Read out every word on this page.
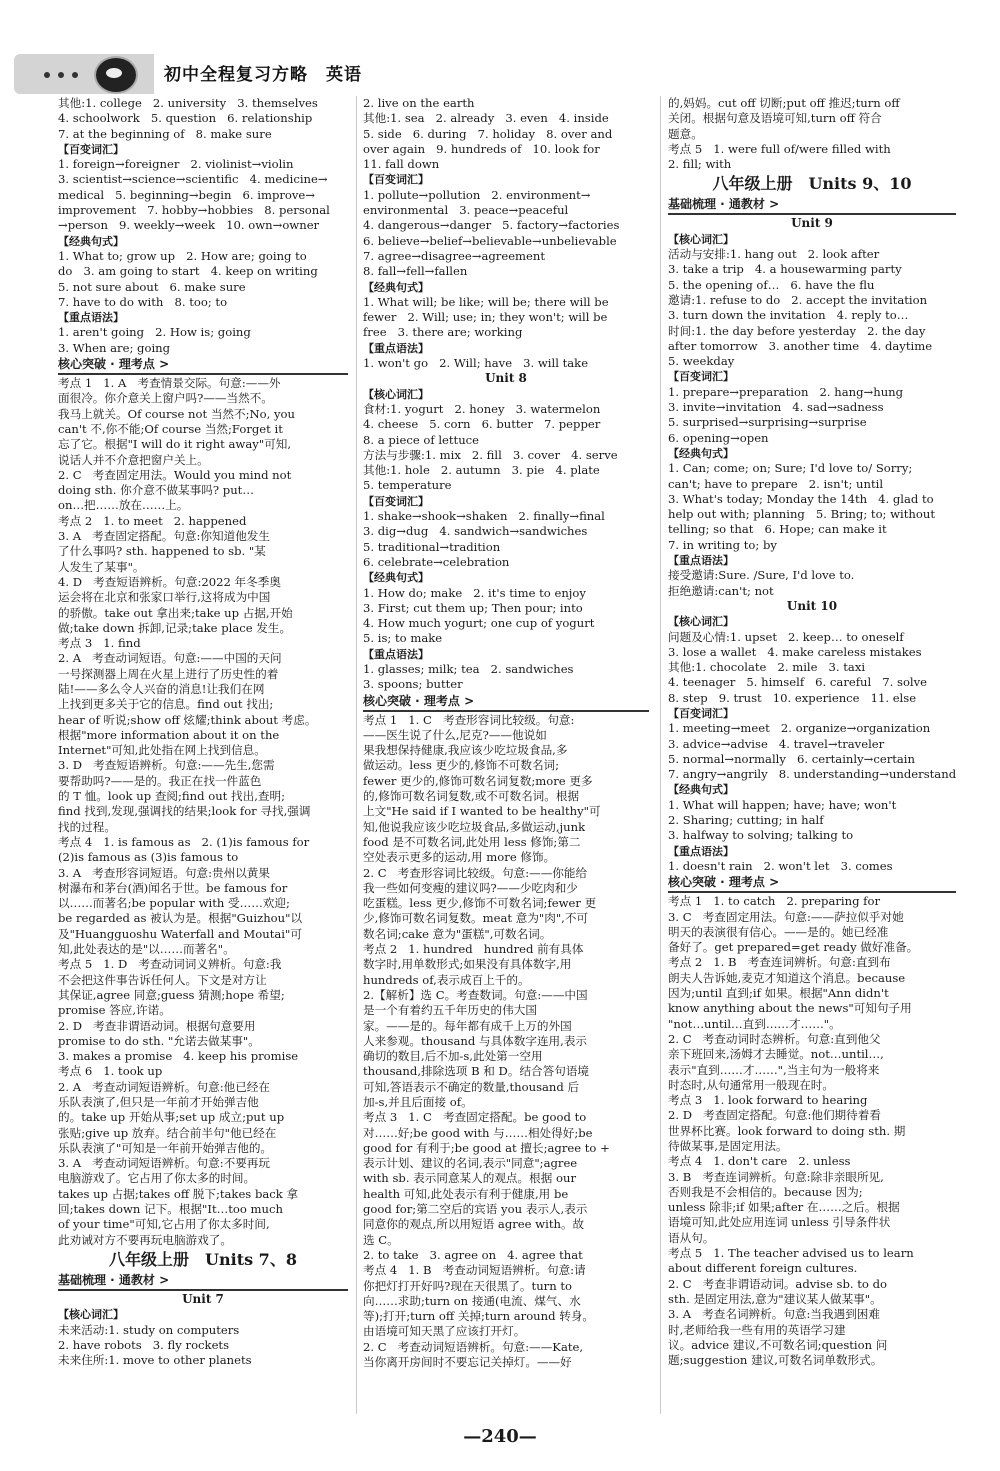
初中全程复习方略　英语
其他:1. college   2. university   3. themselves
4. schoolwork   5. question   6. relationship
7. at the beginning of   8. make sure
【百变词汇】
1. foreign→foreigner   2. violinist→violin
3. scientist→science→scientific   4. medicine→
medical   5. beginning→begin   6. improve→
improvement   7. hobby→hobbies   8. personal
→person   9. weekly→week   10. own→owner
【经典句式】
1. What to; grow up   2. How are; going to
do   3. am going to start   4. keep on writing
5. not sure about   6. make sure
7. have to do with   8. too; to
【重点语法】
1. aren't going   2. How is; going
3. When are; going
核心突破 · 理考点 >
考点 1   1. A   考查情景交际。句意:——外
面很冷。你介意关上窗户吗?——当然不。
我马上就关。Of course not 当然不;No, you
can't 不,你不能;Of course 当然;Forget it
忘了它。根据"I will do it right away"可知,
说话人并不介意把窗户关上。
2. C   考查固定用法。Would you mind not
doing sth. 你介意不做某事吗? put…
on…把……放在……上。
考点 2   1. to meet   2. happened
3. A   考查固定搭配。句意:你知道他发生
了什么事吗? sth. happened to sb. "某
人发生了某事"。
4. D   考查短语辨析。句意:2022 年冬季奥
运会将在北京和张家口举行,这将成为中国
的骄傲。take out 拿出来;take up 占据,开始
做;take down 拆卸,记录;take place 发生。
考点 3   1. find
2. A   考查动词短语。句意:——中国的天问
一号探测器上周在火星上进行了历史性的着
陆!——多么令人兴奋的消息!让我们在网
上找到更多关于它的信息。find out 找出;
hear of 听说;show off 炫耀;think about 考虑。
根据"more information about it on the
Internet"可知,此处指在网上找到信息。
3. D   考查短语辨析。句意:——先生,您需
要帮助吗?——是的。我正在找一件蓝色
的 T 恤。look up 查阅;find out 找出,查明;
find 找到,发现,强调找的结果;look for 寻找,强调
找的过程。
考点 4   1. is famous as   2. (1)is famous for
(2)is famous as (3)is famous to
3. A   考查形容词短语。句意:贵州以黄果
树瀑布和茅台(酒)闻名于世。be famous for
以……而著名;be popular with 受……欢迎;
be regarded as 被认为是。根据"Guizhou"以
及"Huangguoshu Waterfall and Moutai"可
知,此处表达的是"以……而著名"。
考点 5   1. D   考查动词词义辨析。句意:我
不会把这件事告诉任何人。下文是对方让
其保证,agree 同意;guess 猜测;hope 希望;
promise 答应,许诺。
2. D   考查非谓语动词。根据句意要用
promise to do sth. "允诺去做某事"。
3. makes a promise   4. keep his promise
考点 6   1. took up
2. A   考查动词短语辨析。句意:他已经在
乐队表演了,但只是一年前才开始弹吉他
的。take up 开始从事;set up 成立;put up
张贴;give up 放弃。结合前半句"他已经在
乐队表演了"可知是一年前开始弹吉他的。
3. A   考查动词短语辨析。句意:不要再玩
电脑游戏了。它占用了你太多的时间。
takes up 占据;takes off 脱下;takes back 拿
回;takes down 记下。根据"It…too much
of your time"可知,它占用了你太多时间,
此劝诫对方不要再玩电脑游戏了。
八年级上册　Units 7、8
基础梳理 · 通教材 >
Unit 7
【核心词汇】
未来活动:1. study on computers
2. have robots   3. fly rockets
未来住所:1. move to other planets
2. live on the earth
其他:1. sea   2. already   3. even   4. inside
5. side   6. during   7. holiday   8. over and
over again   9. hundreds of   10. look for
11. fall down
【百变词汇】
1. pollute→pollution   2. environment→
environmental   3. peace→peaceful
4. dangerous→danger   5. factory→factories
6. believe→belief→believable→unbelievable
7. agree→disagree→agreement
8. fall→fell→fallen
【经典句式】
1. What will; be like; will be; there will be
fewer   2. Will; use; in; they won't; will be
free   3. there are; working
【重点语法】
1. won't go   2. Will; have   3. will take
Unit 8
【核心词汇】
食材:1. yogurt   2. honey   3. watermelon
4. cheese   5. corn   6. butter   7. pepper
8. a piece of lettuce
方法与步骤:1. mix   2. fill   3. cover   4. serve
其他:1. hole   2. autumn   3. pie   4. plate
5. temperature
【百变词汇】
1. shake→shook→shaken   2. finally→final
3. dig→dug   4. sandwich→sandwiches
5. traditional→tradition
6. celebrate→celebration
【经典句式】
1. How do; make   2. it's time to enjoy
3. First; cut them up; Then pour; into
4. How much yogurt; one cup of yogurt
5. is; to make
【重点语法】
1. glasses; milk; tea   2. sandwiches
3. spoons; butter
核心突破 · 理考点 >
考点 1   1. C   考查形容词比较级。句意:
——医生说了什么,尼克?——他说如
果我想保持健康,我应该少吃垃圾食品,多
做运动。less 更少的,修饰不可数名词;
fewer 更少的,修饰可数名词复数;more 更多
的,修饰可数名词复数,或不可数名词。根据
上文"He said if I wanted to be healthy"可
知,他说我应该少吃垃圾食品,多做运动,junk
food 是不可数名词,此处用 less 修饰;第二
空处表示更多的运动,用 more 修饰。
2. C   考查形容词比较级。句意:——你能给
我一些如何变瘦的建议吗?——少吃肉和少
吃蛋糕。less 更少,修饰不可数名词;fewer 更
少,修饰可数名词复数。meat 意为"肉",不可
数名词;cake 意为"蛋糕",可数名词。
考点 2   1. hundred   hundred 前有具体
数字时,用单数形式;如果没有具体数字,用
hundreds of,表示成百上千的。
2.【解析】选 C。考查数词。句意:——中国
是一个有着约五千年历史的伟大国
家。——是的。每年都有成千上万的外国
人来参观。thousand 与具体数字连用,表示
确切的数目,后不加-s,此处第一空用
thousand,排除选项 B 和 D。结合答句语境
可知,答语表示不确定的数量,thousand 后
加-s,并且后面接 of。
考点 3   1. C   考查固定搭配。be good to
对……好;be good with 与……相处得好;be
good for 有利于;be good at 擅长;agree to +
表示计划、建议的名词,表示"同意";agree
with sb. 表示同意某人的观点。根据 our
health 可知,此处表示有利于健康,用 be
good for;第二空后的宾语 you 表示人,表示
同意你的观点,所以用短语 agree with。故
选 C。
2. to take   3. agree on   4. agree that
考点 4   1. B   考查动词短语辨析。句意:请
你把灯打开好吗?现在天很黑了。turn to
向……求助;turn on 接通(电流、煤气、水
等);打开;turn off 关掉;turn around 转身。
由语境可知天黑了应该打开灯。
2. C   考查动词短语辨析。句意:——Kate,
当你离开房间时不要忘记关掉灯。——好
的,妈妈。cut off 切断;put off 推迟;turn off
关闭。根据句意及语境可知,turn off 符合
题意。
考点 5   1. were full of/were filled with
2. fill; with
八年级上册　Units 9、10
基础梳理 · 通教材 >
Unit 9
【核心词汇】
活动与安排:1. hang out   2. look after
3. take a trip   4. a housewarming party
5. the opening of…   6. have the flu
邀请:1. refuse to do   2. accept the invitation
3. turn down the invitation   4. reply to…
时间:1. the day before yesterday   2. the day
after tomorrow   3. another time   4. daytime
5. weekday
【百变词汇】
1. prepare→preparation   2. hang→hung
3. invite→invitation   4. sad→sadness
5. surprised→surprising→surprise
6. opening→open
【经典句式】
1. Can; come; on; Sure; I'd love to/ Sorry;
can't; have to prepare   2. isn't; until
3. What's today; Monday the 14th   4. glad to
help out with; planning   5. Bring; to; without
telling; so that   6. Hope; can make it
7. in writing to; by
【重点语法】
接受邀请:Sure. /Sure, I'd love to.
拒绝邀请:can't; not
Unit 10
【核心词汇】
问题及心情:1. upset   2. keep… to oneself
3. lose a wallet   4. make careless mistakes
其他:1. chocolate   2. mile   3. taxi
4. teenager   5. himself   6. careful   7. solve
8. step   9. trust   10. experience   11. else
【百变词汇】
1. meeting→meet   2. organize→organization
3. advice→advise   4. travel→traveler
5. normal→normally   6. certainly→certain
7. angry→angrily   8. understanding→understand
【经典句式】
1. What will happen; have; have; won't
2. Sharing; cutting; in half
3. halfway to solving; talking to
【重点语法】
1. doesn't rain   2. won't let   3. comes
核心突破 · 理考点 >
考点 1   1. to catch   2. preparing for
3. C   考查固定用法。句意:——萨拉似乎对她
明天的表演很有信心。——是的。她已经准
备好了。get prepared=get ready 做好准备。
考点 2   1. B   考查连词辨析。句意:直到布
朗夫人告诉她,麦克才知道这个消息。because
因为;until 直到;if 如果。根据"Ann didn't
know anything about the news"可知句子用
"not…until…直到……才……"。
2. C   考查动词时态辨析。句意:直到他父
亲下班回来,汤姆才去睡觉。not…until…,
表示"直到……才……",当主句为一般将来
时态时,从句通常用一般现在时。
考点 3   1. look forward to hearing
2. D   考查固定搭配。句意:他们期待着看
世界杯比赛。look forward to doing sth. 期
待做某事,是固定用法。
考点 4   1. don't care   2. unless
3. B   考查连词辨析。句意:除非亲眼所见,
否则我是不会相信的。because 因为;
unless 除非;if 如果;after 在……之后。根据
语境可知,此处应用连词 unless 引导条件状
语从句。
考点 5   1. The teacher advised us to learn
about different foreign cultures.
2. C   考查非谓语动词。advise sb. to do
sth. 是固定用法,意为"建议某人做某事"。
3. A   考查名词辨析。句意:当我遇到困难
时,老师给我一些有用的英语学习建
议。advice 建议,不可数名词;question 问
题;suggestion 建议,可数名词单数形式。
—240—
